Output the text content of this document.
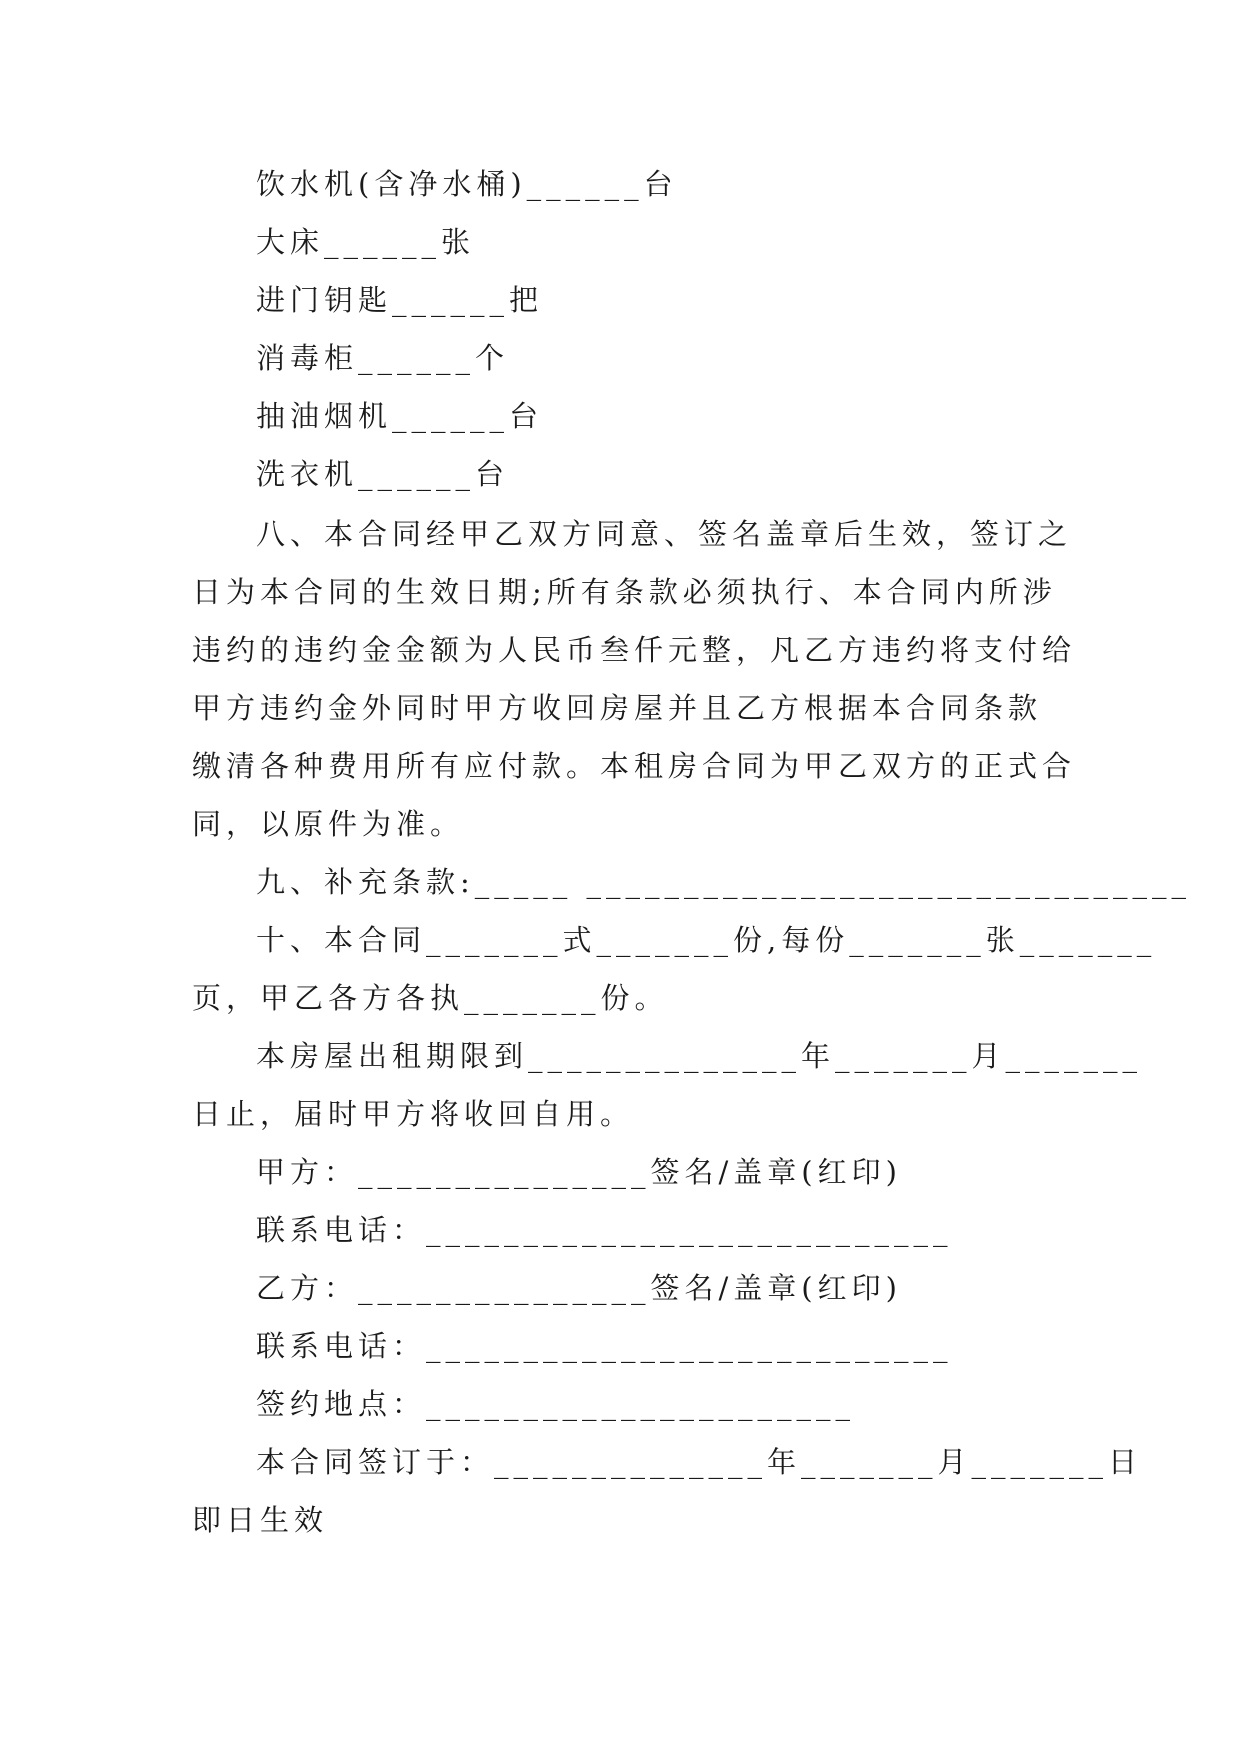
饮水机(含净水桶)______台
大床______张
进门钥匙______把
消毒柜______个
抽油烟机______台
洗衣机______台
八、本合同经甲乙双方同意、签名盖章后生效，签订之
日为本合同的生效日期;所有条款必须执行、本合同内所涉
违约的违约金金额为人民币叁仟元整，凡乙方违约将支付给
甲方违约金外同时甲方收回房屋并且乙方根据本合同条款
缴清各种费用所有应付款。本租房合同为甲乙双方的正式合
同，以原件为准。
九、补充条款:_____ _______________________________
十、本合同_______式_______份,每份_______张_______
页，甲乙各方各执_______份。
本房屋出租期限到______________年_______月_______
日止，届时甲方将收回自用。
甲方：_______________签名/盖章(红印)
联系电话：___________________________
乙方：_______________签名/盖章(红印)
联系电话：___________________________
签约地点：______________________
本合同签订于：______________年_______月_______日
即日生效
